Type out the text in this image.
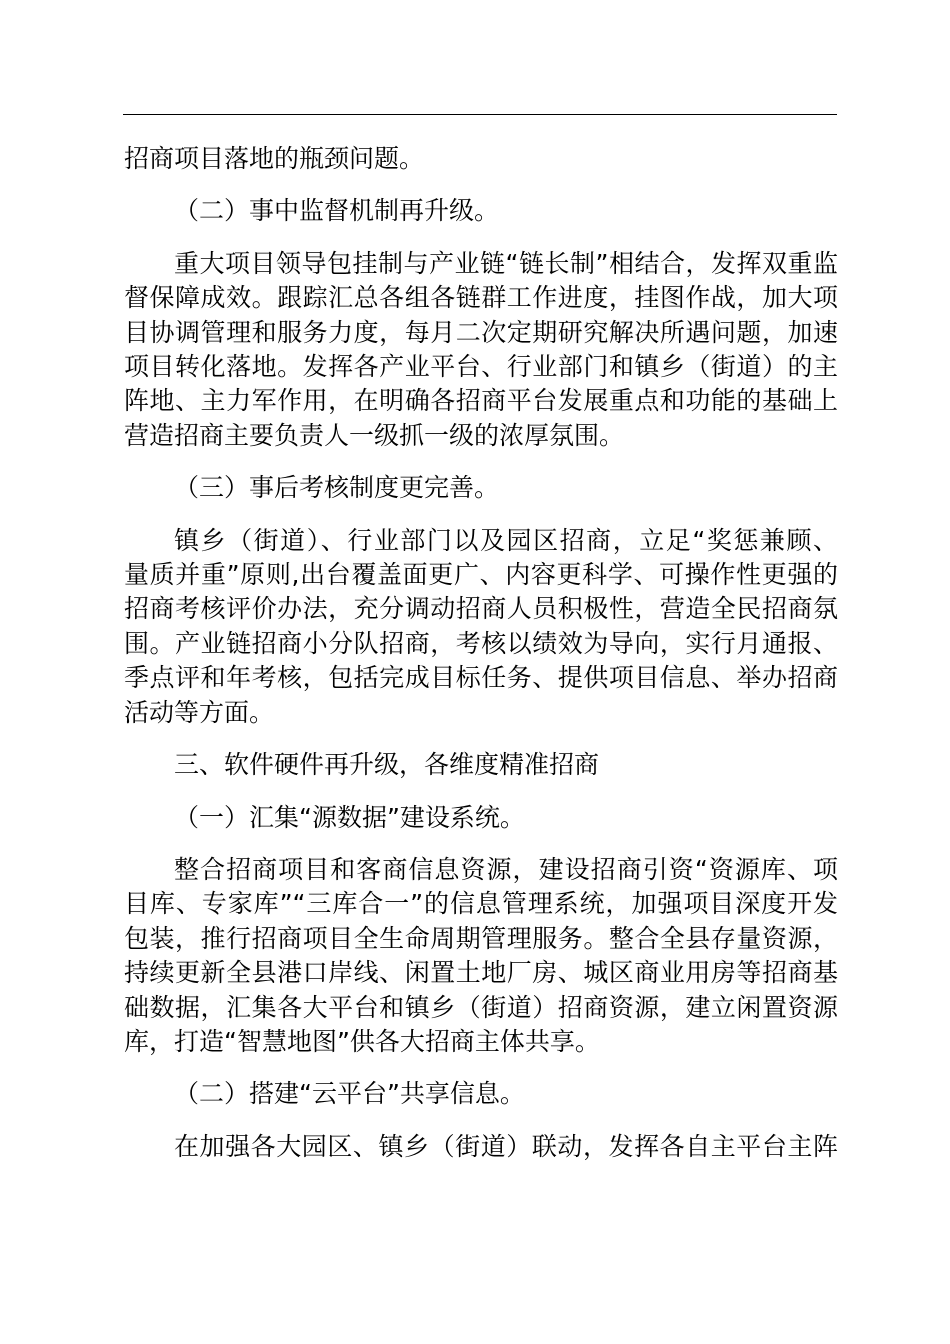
招商项目落地的瓶颈问题。

（二）事中监督机制再升级。

重大项目领导包挂制与产业链“链长制”相结合，发挥双重监
督保障成效。跟踪汇总各组各链群工作进度，挂图作战，加大项
目协调管理和服务力度，每月二次定期研究解决所遇问题，加速
项目转化落地。发挥各产业平台、行业部门和镇乡（街道）的主
阵地、主力军作用，在明确各招商平台发展重点和功能的基础上
营造招商主要负责人一级抓一级的浓厚氛围。

（三）事后考核制度更完善。

镇乡（街道）、行业部门以及园区招商，立足“奖惩兼顾、
量质并重”原则,出台覆盖面更广、内容更科学、可操作性更强的
招商考核评价办法，充分调动招商人员积极性，营造全民招商氛
围。产业链招商小分队招商，考核以绩效为导向，实行月通报、
季点评和年考核，包括完成目标任务、提供项目信息、举办招商
活动等方面。

三、软件硬件再升级，各维度精准招商

（一）汇集“源数据”建设系统。

整合招商项目和客商信息资源，建设招商引资“资源库、项
目库、专家库”“三库合一”的信息管理系统，加强项目深度开发
包装，推行招商项目全生命周期管理服务。整合全县存量资源，
持续更新全县港口岸线、闲置土地厂房、城区商业用房等招商基
础数据，汇集各大平台和镇乡（街道）招商资源，建立闲置资源
库，打造“智慧地图”供各大招商主体共享。

（二）搭建“云平台”共享信息。

在加强各大园区、镇乡（街道）联动，发挥各自主平台主阵
